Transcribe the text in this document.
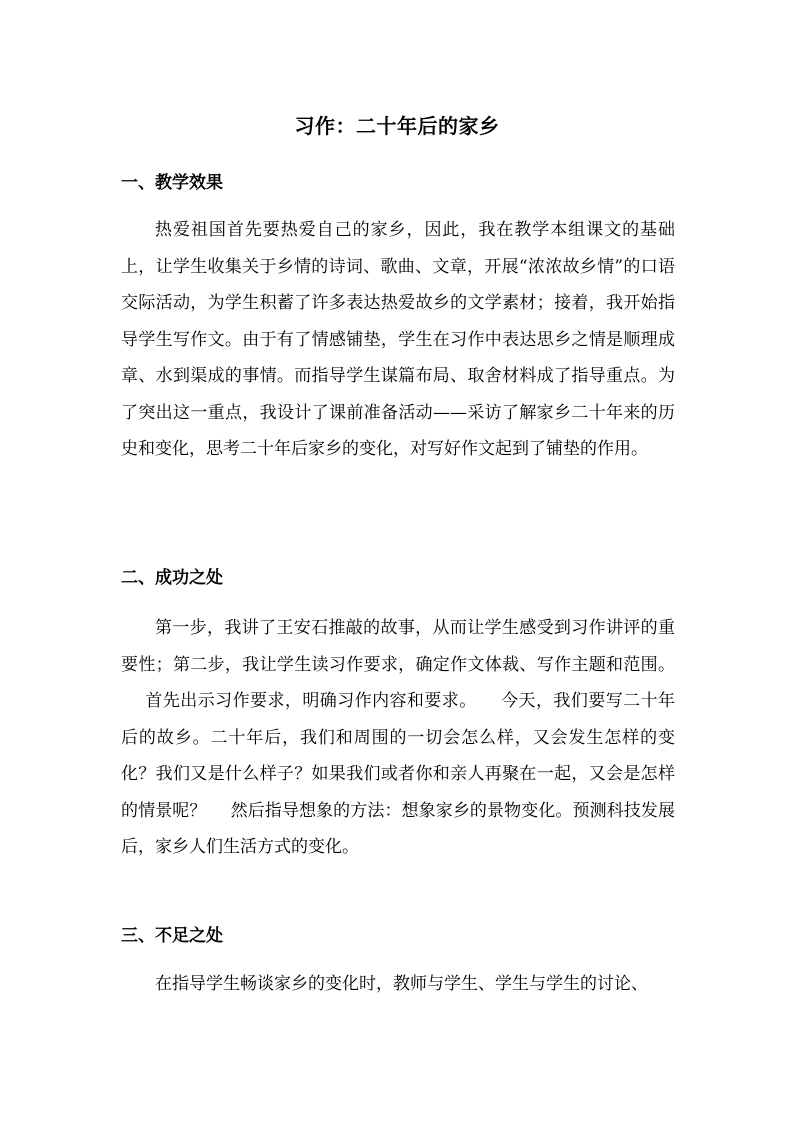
习作：二十年后的家乡
一、教学效果

热爱祖国首先要热爱自己的家乡，因此，我在教学本组课文的基础上，让学生收集关于乡情的诗词、歌曲、文章，开展“浓浓故乡情”的口语交际活动，为学生积蓄了许多表达热爱故乡的文学素材；接着，我开始指导学生写作文。由于有了情感铺垫，学生在习作中表达思乡之情是顺理成章、水到渠成的事情。而指导学生谋篇布局、取舍材料成了指导重点。为了突出这一重点，我设计了课前准备活动——采访了解家乡二十年来的历史和变化，思考二十年后家乡的变化，对写好作文起到了铺垫的作用。

二、成功之处

第一步，我讲了王安石推敲的故事，从而让学生感受到习作讲评的重要性；第二步，我让学生读习作要求，确定作文体裁、写作主题和范围。首先出示习作要求，明确习作内容和要求。 今天，我们要写二十年后的故乡。二十年后，我们和周围的一切会怎么样，又会发生怎样的变化？我们又是什么样子？如果我们或者你和亲人再聚在一起，又会是怎样的情景呢？ 然后指导想象的方法：想象家乡的景物变化。预测科技发展后，家乡人们生活方式的变化。

三、不足之处

在指导学生畅谈家乡的变化时，教师与学生、学生与学生的讨论、
